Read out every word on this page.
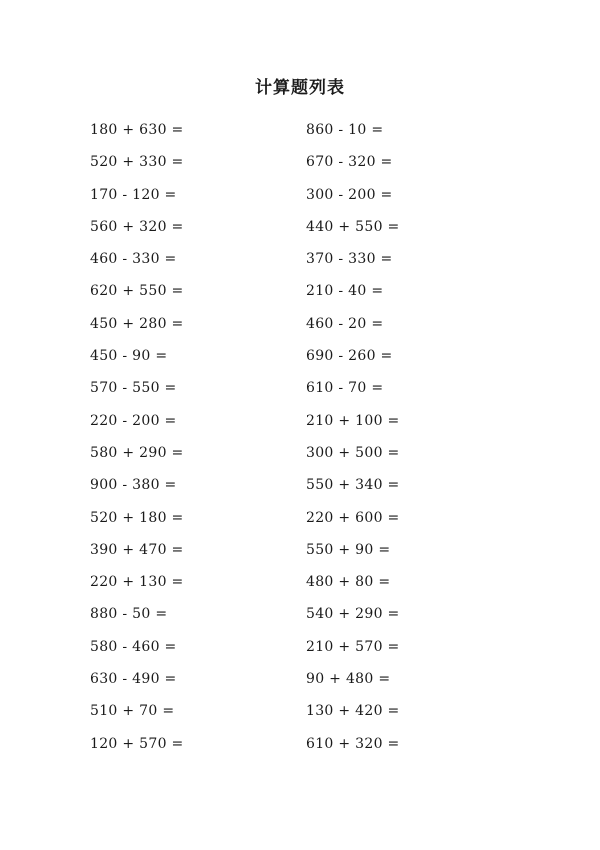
计算题列表
180 + 630 =
520 + 330 =
170 - 120 =
560 + 320 =
460 - 330 =
620 + 550 =
450 + 280 =
450 - 90 =
570 - 550 =
220 - 200 =
580 + 290 =
900 - 380 =
520 + 180 =
390 + 470 =
220 + 130 =
880 - 50 =
580 - 460 =
630 - 490 =
510 + 70 =
120 + 570 =
860 - 10 =
670 - 320 =
300 - 200 =
440 + 550 =
370 - 330 =
210 - 40 =
460 - 20 =
690 - 260 =
610 - 70 =
210 + 100 =
300 + 500 =
550 + 340 =
220 + 600 =
550 + 90 =
480 + 80 =
540 + 290 =
210 + 570 =
90 + 480 =
130 + 420 =
610 + 320 =
